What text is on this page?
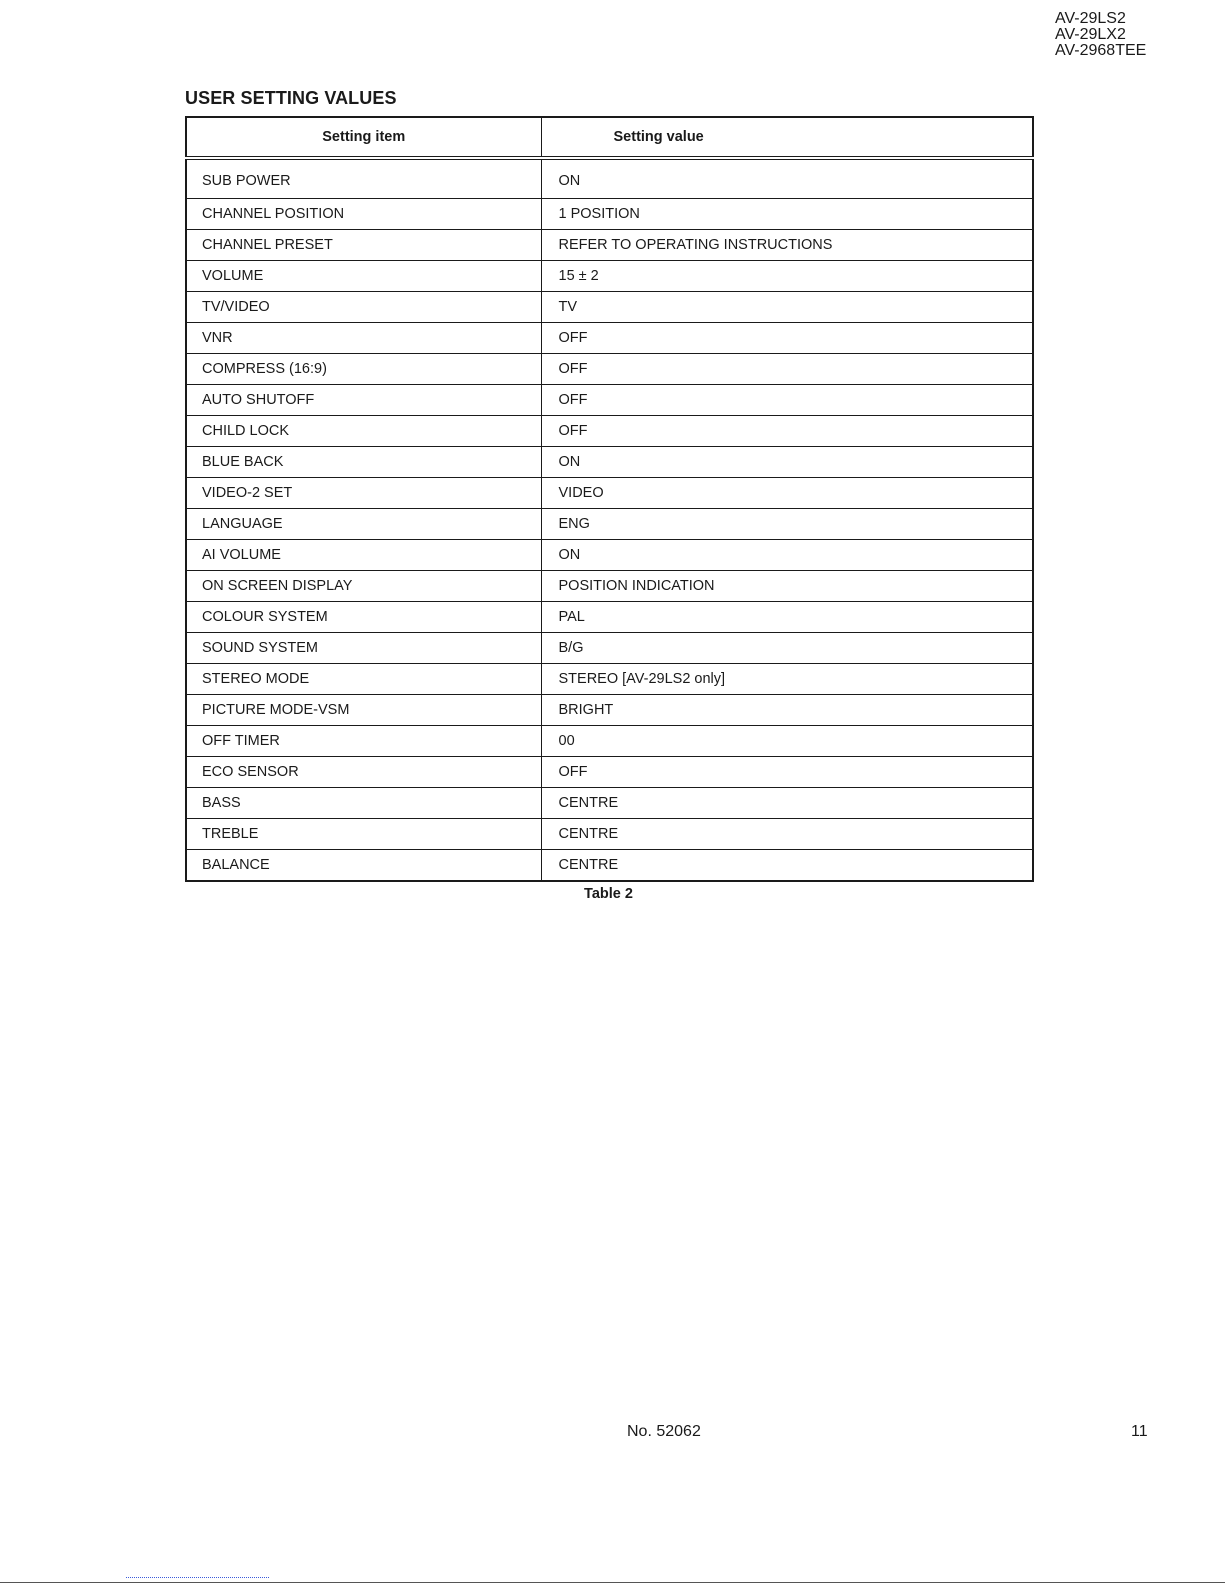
AV-29LS2
AV-29LX2
AV-2968TEE
USER SETTING VALUES
Setting item	Setting value
SUB POWER	ON
CHANNEL POSITION	1 POSITION
CHANNEL PRESET	REFER TO OPERATING INSTRUCTIONS
VOLUME	15 ± 2
TV/VIDEO	TV
VNR	OFF
COMPRESS (16:9)	OFF
AUTO SHUTOFF	OFF
CHILD LOCK	OFF
BLUE BACK	ON
VIDEO-2 SET	VIDEO
LANGUAGE	ENG
AI VOLUME	ON
ON SCREEN DISPLAY	POSITION INDICATION
COLOUR SYSTEM	PAL
SOUND SYSTEM	B/G
STEREO MODE	STEREO [AV-29LS2 only]
PICTURE MODE-VSM	BRIGHT
OFF TIMER	00
ECO SENSOR	OFF
BASS	CENTRE
TREBLE	CENTRE
BALANCE	CENTRE
Table 2
No. 52062	11
